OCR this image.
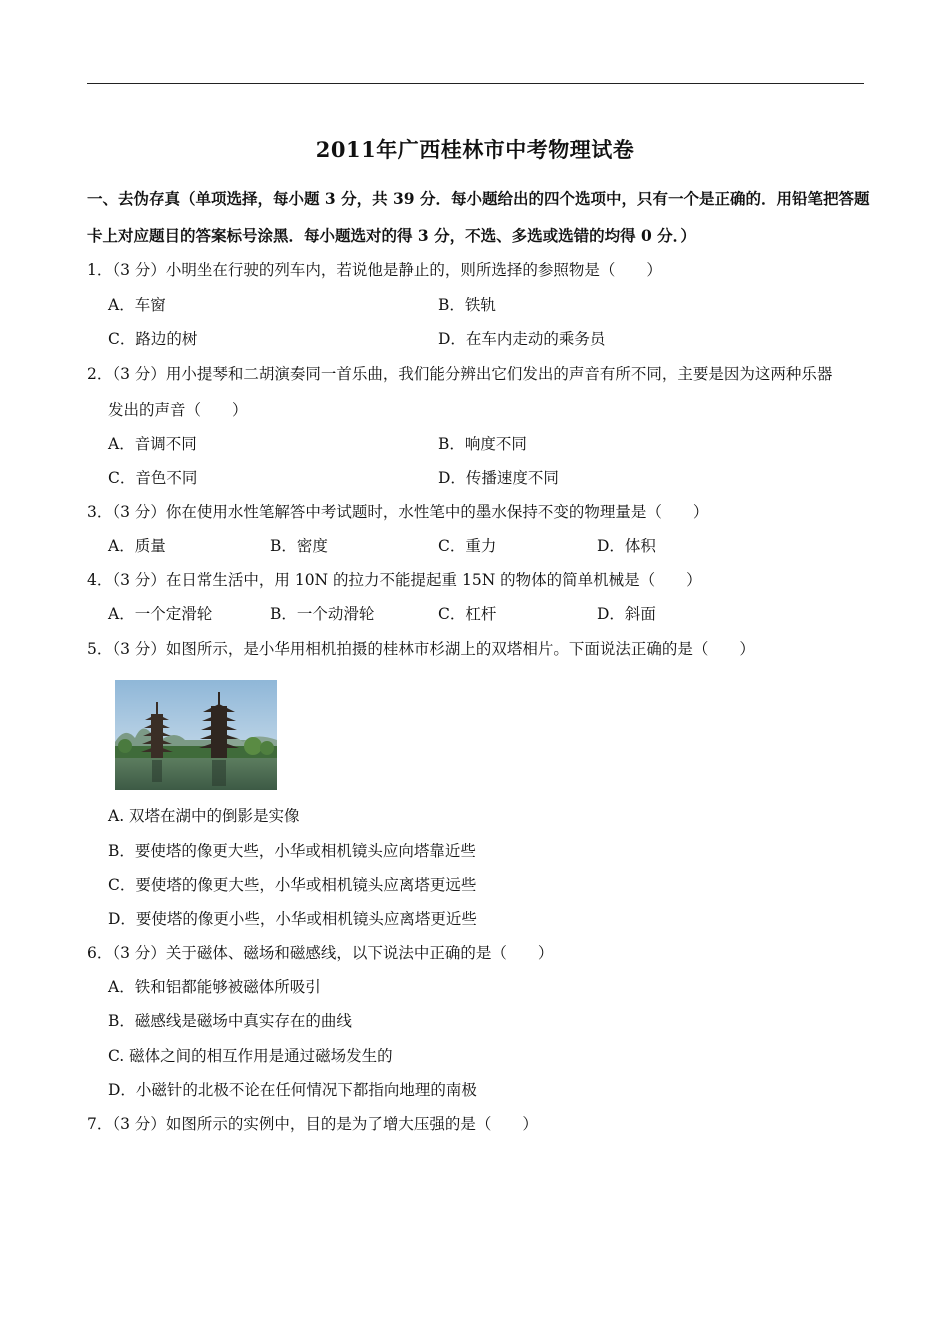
2011年广西桂林市中考物理试卷
一、去伪存真（单项选择，每小题 3 分，共 39 分．每小题给出的四个选项中，只有一个是正确的．用铅笔把答题
卡上对应题目的答案标号涂黑．每小题选对的得 3 分，不选、多选或选错的均得 0 分．）
1．（3 分）小明坐在行驶的列车内，若说他是静止的，则所选择的参照物是（　　）
A．车窗	B．铁轨
C．路边的树	D．在车内走动的乘务员
2．（3 分）用小提琴和二胡演奏同一首乐曲，我们能分辨出它们发出的声音有所不同，主要是因为这两种乐器
发出的声音（　　）
A．音调不同	B．响度不同
C．音色不同	D．传播速度不同
3．（3 分）你在使用水性笔解答中考试题时，水性笔中的墨水保持不变的物理量是（　　）
A．质量	B．密度	C．重力	D．体积
4．（3 分）在日常生活中，用 10N 的拉力不能提起重 15N 的物体的简单机械是（　　）
A．一个定滑轮	B．一个动滑轮	C．杠杆	D．斜面
5．（3 分）如图所示，是小华用相机拍摄的桂林市杉湖上的双塔相片。下面说法正确的是（　　）
A. 双塔在湖中的倒影是实像
B．要使塔的像更大些，小华或相机镜头应向塔靠近些
C．要使塔的像更大些，小华或相机镜头应离塔更远些
D．要使塔的像更小些，小华或相机镜头应离塔更近些
6．（3 分）关于磁体、磁场和磁感线，以下说法中正确的是（　　）
A．铁和铝都能够被磁体所吸引
B．磁感线是磁场中真实存在的曲线
C. 磁体之间的相互作用是通过磁场发生的
D．小磁针的北极不论在任何情况下都指向地理的南极
7．（3 分）如图所示的实例中，目的是为了增大压强的是（　　）
